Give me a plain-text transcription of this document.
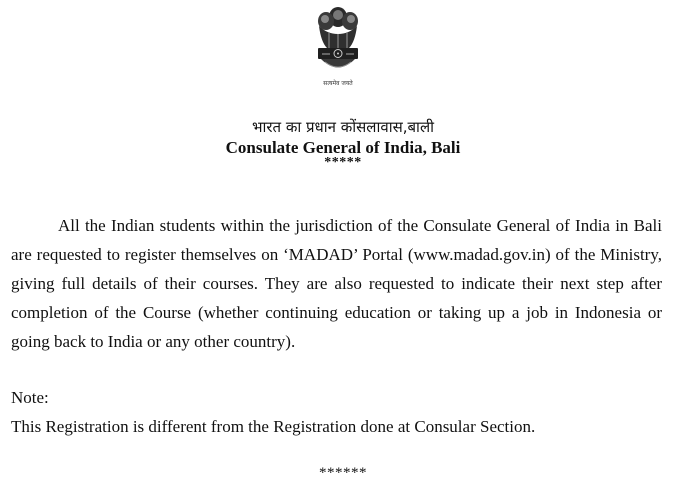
सत्यमेव जयते
भारत का प्रधान कोंसलावास,बाली
Consulate General of India, Bali
*****
All the Indian students within the jurisdiction of the Consulate General of India in Bali are requested to register themselves on ‘MADAD’ Portal (www.madad.gov.in) of the Ministry, giving full details of their courses. They are also requested to indicate their next step after completion of the Course (whether continuing education or taking up a job in Indonesia or going back to India or any other country).
Note:
This Registration is different from the Registration done at Consular Section.
******
